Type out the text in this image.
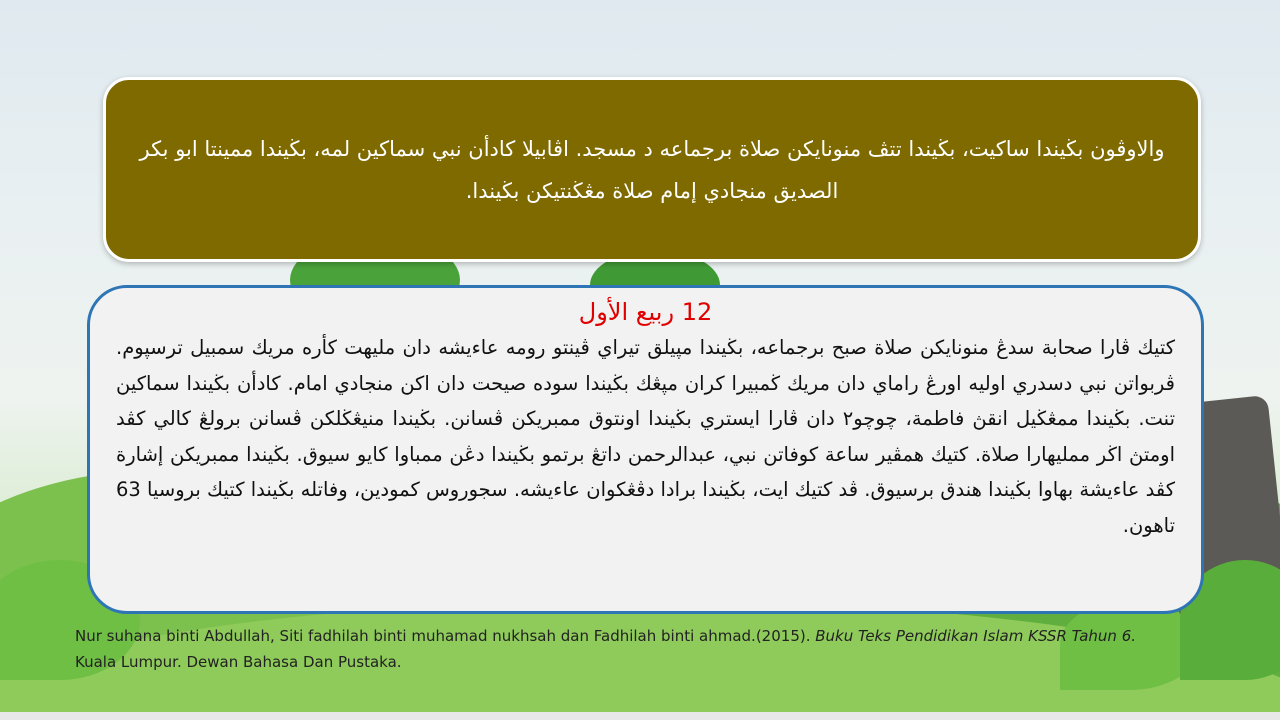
والاوڤون بڬيندا ساكيت، بڬيندا تتڤ منونايكن صلاة برجماعه د مسجد. اڤابيلا كادأن نبي سماكين لمه، بڬيندا ممينتا ابو بكر الصديق منجادي إمام صلاة مڠڬنتيكن بڬيندا.

12 ربيع الأول

كتيك ڤارا صحابة سدڠ منونايكن صلاة صبح برجماعه، بڬيندا مپيلق تيراي ڤينتو رومه عاءيشه دان مليهت كأره مريك سمبيل ترسپوم. ڤربواتن نبي دسدري اوليه اورڠ راماي دان مريك ڬمبيرا كران مپڠك بڬيندا سوده صيحت دان اكن منجادي امام. كادأن بڬيندا سماكين تنت. بڬيندا ممڠڬيل انقڽ فاطمة، چوچو٢ دان ڤارا ايستري بڬيندا اونتوق ممبريكن ڤسانن. بڬيندا منيڠڬلكن ڤسانن برولڠ كالي كڤد اومتڽ اڬر ممليهارا صلاة. كتيك همڤير ساعة كوفاتن نبي، عبدالرحمن داتڠ برتمو بڬيندا دڠن ممباوا كايو سيوق. بڬيندا ممبريكن إشارة كڤد عاءيشة بهاوا بڬيندا هندق برسيوق. ڤد كتيك ايت، بڬيندا برادا دڤڠكوان عاءيشه. سجوروس كمودين، وفاتله بڬيندا كتيك بروسيا 63 تاهون.

Nur suhana binti Abdullah, Siti fadhilah binti muhamad nukhsah dan Fadhilah binti ahmad.(2015). Buku Teks Pendidikan Islam KSSR Tahun 6. Kuala Lumpur. Dewan Bahasa Dan Pustaka.
